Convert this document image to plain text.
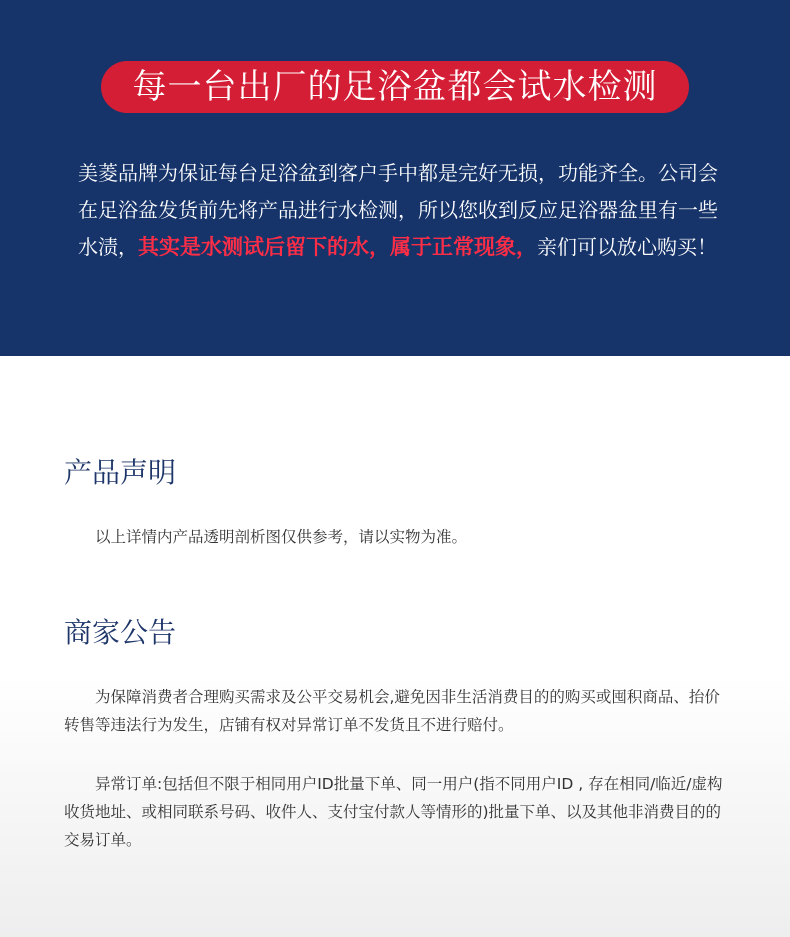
每一台出厂的足浴盆都会试水检测
美菱品牌为保证每台足浴盆到客户手中都是完好无损，功能齐全。公司会在足浴盆发货前先将产品进行水检测，所以您收到反应足浴器盆里有一些水渍，其实是水测试后留下的水，属于正常现象，亲们可以放心购买！
产品声明
以上详情内产品透明剖析图仅供参考，请以实物为准。
商家公告
为保障消费者合理购买需求及公平交易机会,避免因非生活消费目的的购买或囤积商品、抬价转售等违法行为发生，店铺有权对异常订单不发货且不进行赔付。
异常订单:包括但不限于相同用户ID批量下单、同一用户(指不同用户ID , 存在相同/临近/虚构收货地址、或相同联系号码、收件人、支付宝付款人等情形的)批量下单、以及其他非消费目的的交易订单。
